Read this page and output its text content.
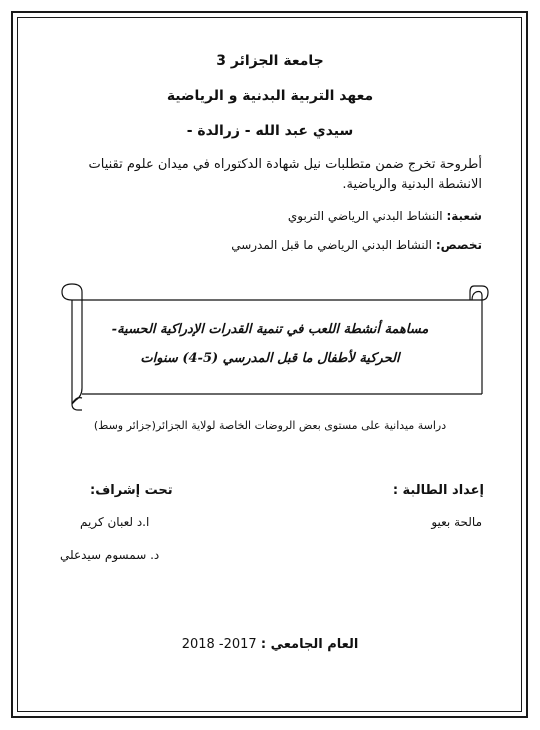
جامعة الجزائر 3
معهد التربية البدنية و الرياضية
سيدي عبد الله - زرالدة -
أطروحة تخرج ضمن متطلبات نيل شهادة الدكتوراه في ميدان علوم تقنيات
الانشطة البدنية والرياضية.
شعبة: النشاط البدني الرياضي التربوي
تخصص: النشاط البدني الرياضي ما قبل المدرسي
مساهمة أنشطة اللعب في تنمية القدرات الإدراكية الحسية-
الحركية لأطفال ما قبل المدرسي (5-4) سنوات
دراسة ميدانية على مستوى بعض الروضات الخاصة لولاية الجزائر(جزائر وسط)
إعداد الطالبة :
تحت إشراف:
مالحة بعيو
ا.د لعبان كريم
د. سمسوم سيدعلي
العام الجامعي : 2017- 2018
